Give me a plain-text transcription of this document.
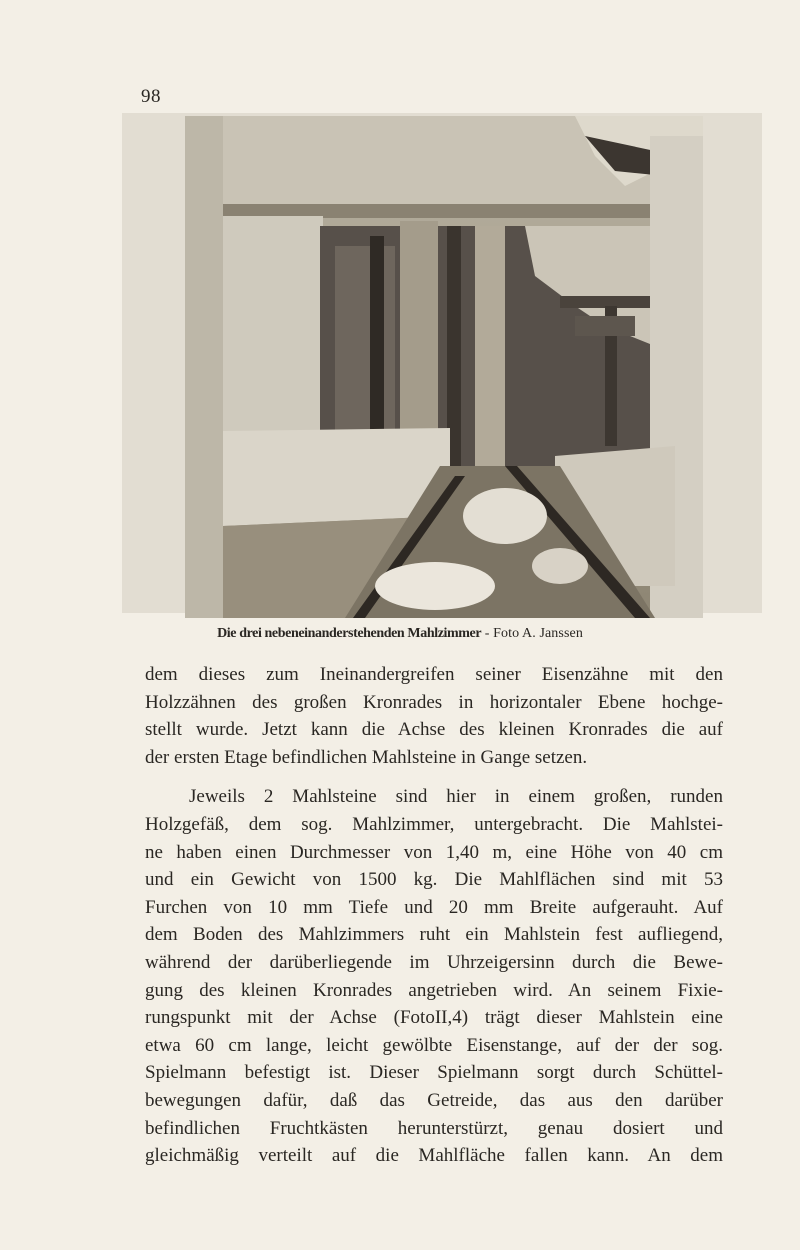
98
Die drei nebeneinanderstehenden Mahlzimmer - Foto A. Janssen

dem dieses zum Ineinandergreifen seiner Eisenzähne mit den
Holzzähnen des großen Kronrades in horizontaler Ebene hochge-
stellt wurde. Jetzt kann die Achse des kleinen Kronrades die auf
der ersten Etage befindlichen Mahlsteine in Gange setzen.

Jeweils 2 Mahlsteine sind hier in einem großen, runden
Holzgefäß, dem sog. Mahlzimmer, untergebracht. Die Mahlstei-
ne haben einen Durchmesser von 1,40 m, eine Höhe von 40 cm
und ein Gewicht von 1500 kg. Die Mahlflächen sind mit 53
Furchen von 10 mm Tiefe und 20 mm Breite aufgerauht. Auf
dem Boden des Mahlzimmers ruht ein Mahlstein fest aufliegend,
während der darüberliegende im Uhrzeigersinn durch die Bewe-
gung des kleinen Kronrades angetrieben wird. An seinem Fixie-
rungspunkt mit der Achse (FotoII,4) trägt dieser Mahlstein eine
etwa 60 cm lange, leicht gewölbte Eisenstange, auf der der sog.
Spielmann befestigt ist. Dieser Spielmann sorgt durch Schüttel-
bewegungen dafür, daß das Getreide, das aus den darüber
befindlichen Fruchtkästen herunterstürzt, genau dosiert und
gleichmäßig verteilt auf die Mahlfläche fallen kann. An dem
